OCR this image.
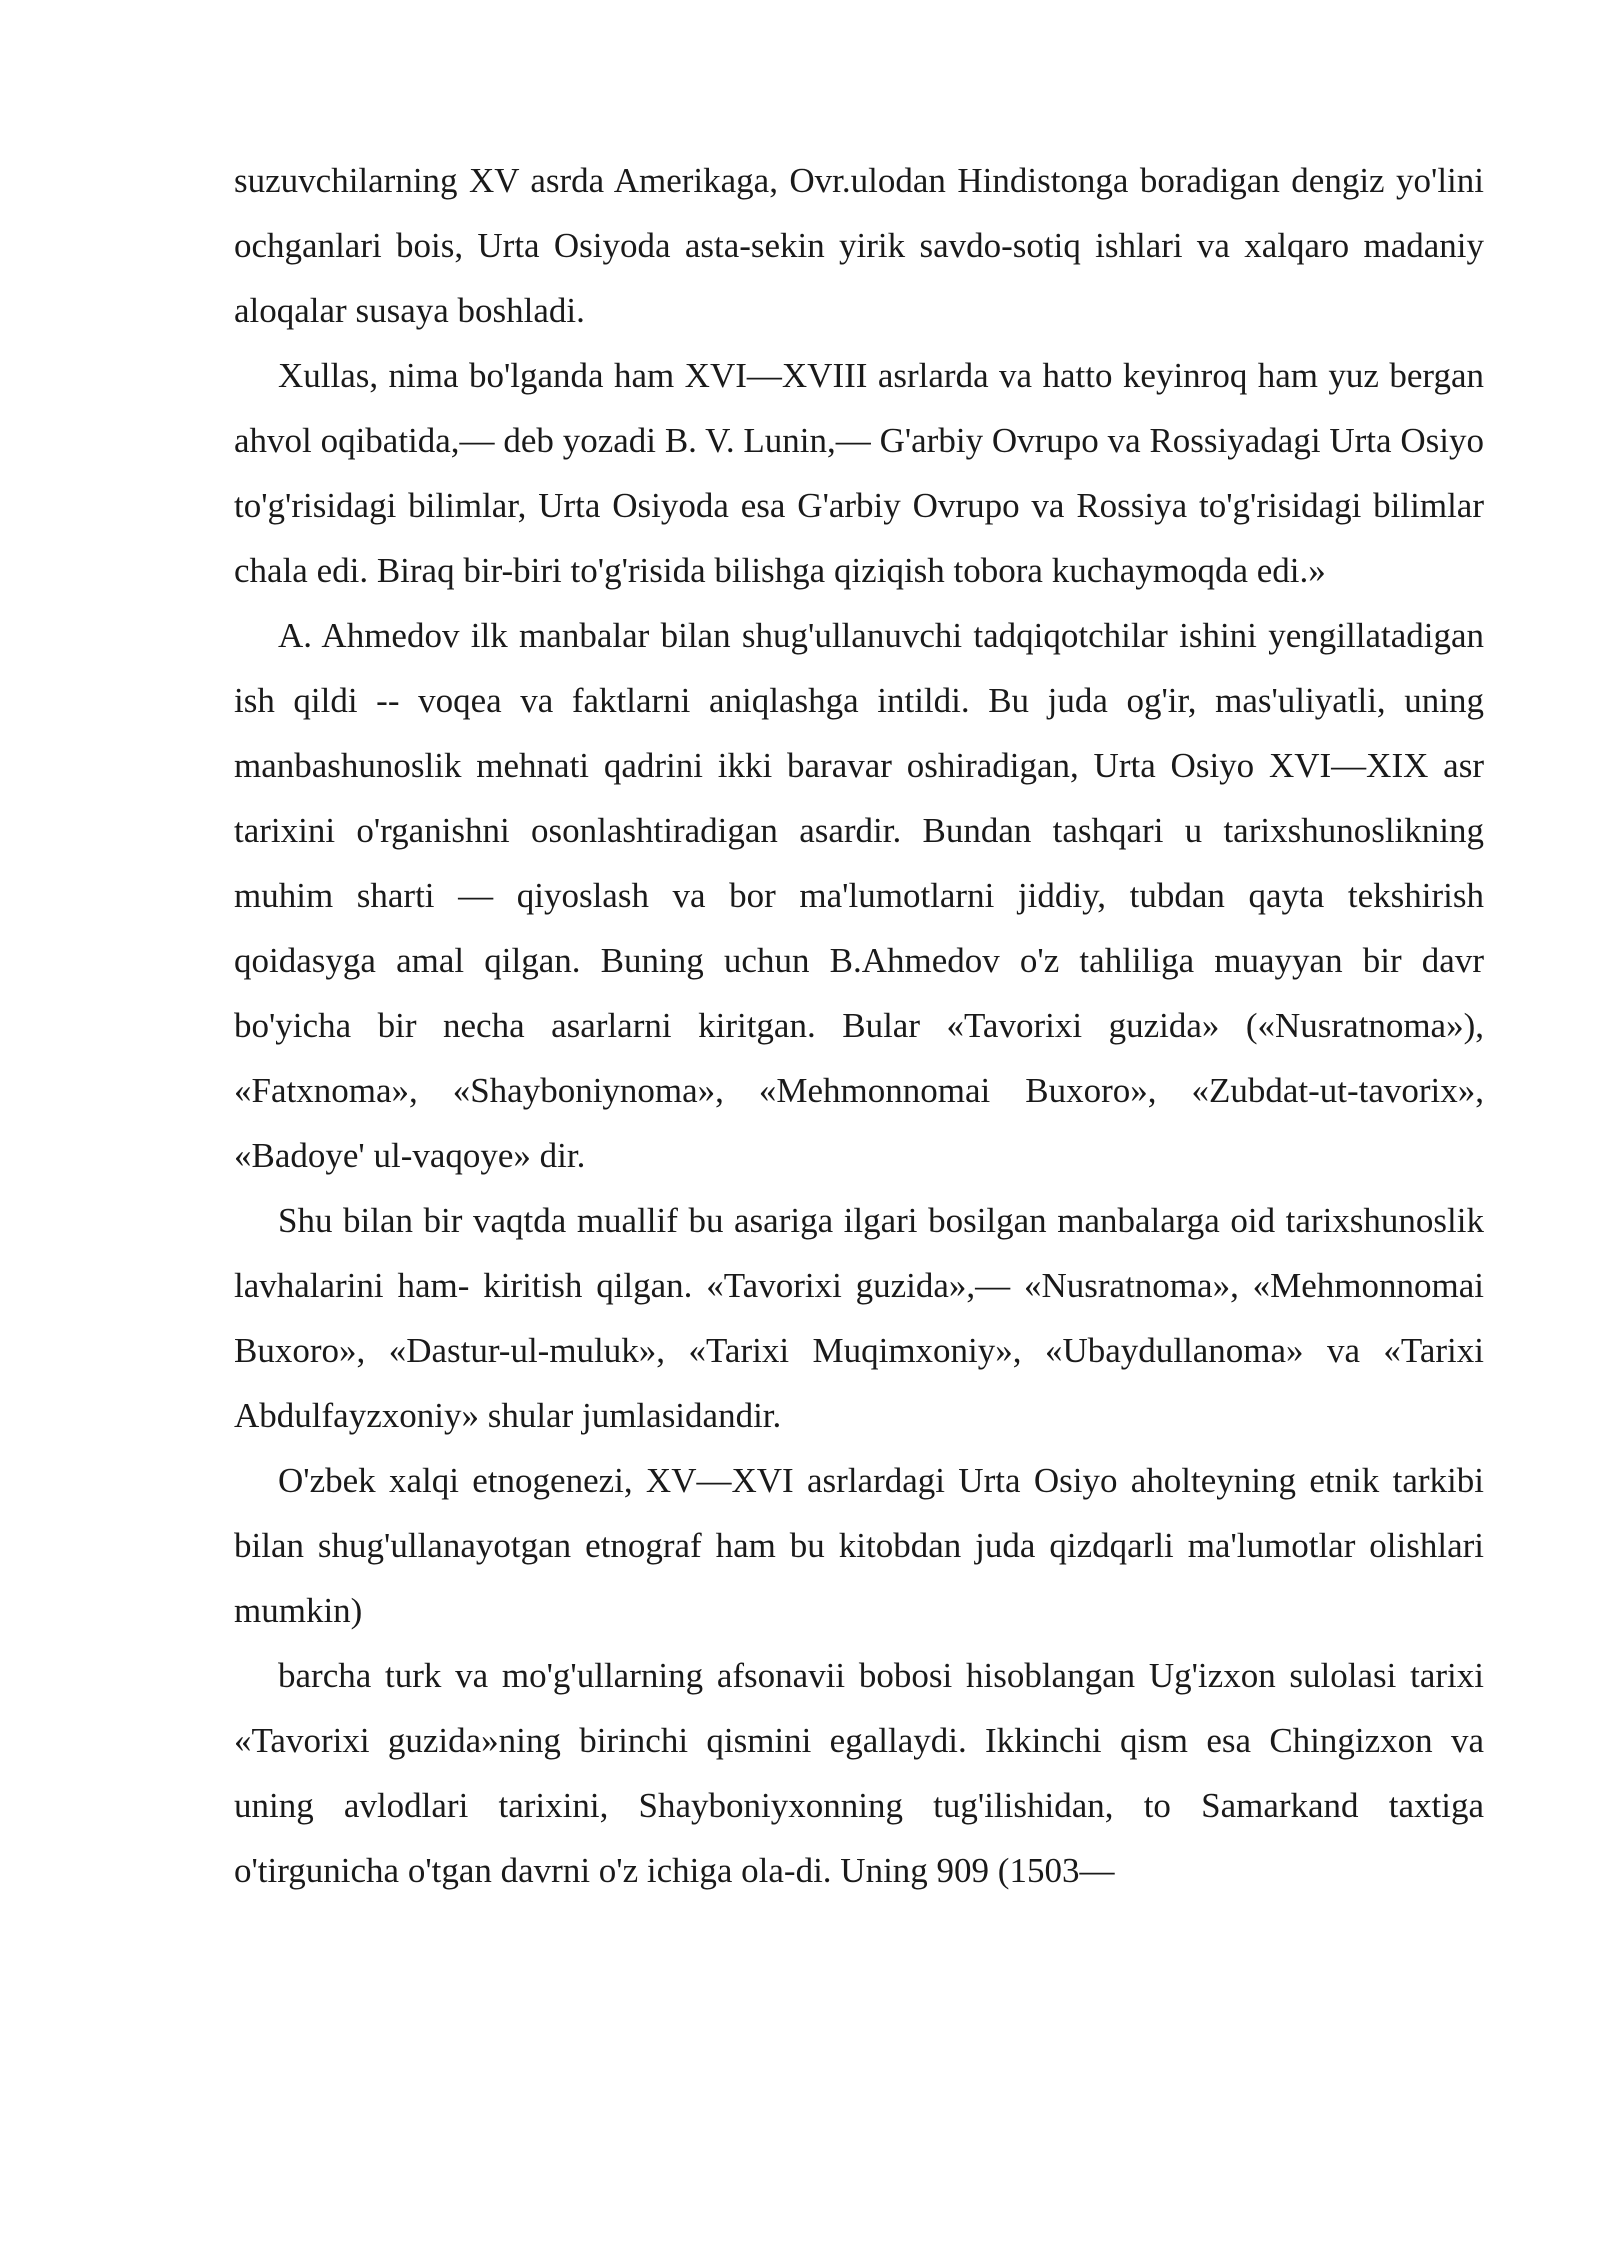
suzuvchilarning XV asrda Amerikaga, Ovr.ulodan Hindistonga boradigan dengiz yo'lini ochganlari bois, Urta Osiyoda asta-sekin yirik savdo-sotiq ishlari va xalqaro madaniy aloqalar susaya boshladi.

Xullas, nima bo'lganda ham XVI—XVIII asrlarda va hatto keyinroq ham yuz bergan ahvol oqibatida,— deb yozadi B. V. Lunin,— G'arbiy Ovrupo va Rossiyadagi Urta Osiyo to'g'risidagi bilimlar, Urta Osiyoda esa G'arbiy Ovrupo va Rossiya to'g'risidagi bilimlar chala edi. Biraq bir-biri to'g'risida bilishga qiziqish tobora kuchaymoqda edi.»

A. Ahmedov ilk manbalar bilan shug'ullanuvchi tadqiqotchilar ishini yengillatadigan ish qildi -- voqea va faktlarni aniqlashga intildi. Bu juda og'ir, mas'uliyatli, uning manbashunoslik mehnati qadrini ikki baravar oshiradigan, Urta Osiyo XVI—XIX asr tarixini o'rganishni osonlashtiradigan asardir. Bundan tashqari u tarixshunoslikning muhim sharti — qiyoslash va bor ma'lumotlarni jiddiy, tubdan qayta tekshirish qoidasyga amal qilgan. Buning uchun B.Ahmedov o'z tahliliga muayyan bir davr bo'yicha bir necha asarlarni kiritgan. Bular «Tavorixi guzida» («Nusratnoma»), «Fatxnoma», «Shayboniynoma», «Mehmonnomai Buxoro», «Zubdat-ut-tavorix», «Badoye' ul-vaqoye» dir.

Shu bilan bir vaqtda muallif bu asariga ilgari bosilgan manbalarga oid tarixshunoslik lavhalarini ham- kiritish qilgan. «Tavorixi guzida»,— «Nusratnoma», «Mehmonnomai Buxoro», «Dastur-ul-muluk», «Tarixi Muqimxoniy», «Ubaydullanoma» va «Tarixi Abdulfayzxoniy» shular jumlasidandir.

O'zbek xalqi etnogenezi, XV—XVI asrlardagi Urta Osiyo aholteyning etnik tarkibi bilan shug'ullanayotgan etnograf ham bu kitobdan juda qizdqarli ma'lumotlar olishlari mumkin)

barcha turk va mo'g'ullarning afsonavii bobosi hisoblangan Ug'izxon sulolasi tarixi «Tavorixi guzida»ning birinchi qismini egallaydi. Ikkinchi qism esa Chingizxon va uning avlodlari tarixini, Shayboniyxonning tug'ilishidan, to Samarkand taxtiga o'tirgunicha o'tgan davrni o'z ichiga ola-di. Uning 909 (1503—
